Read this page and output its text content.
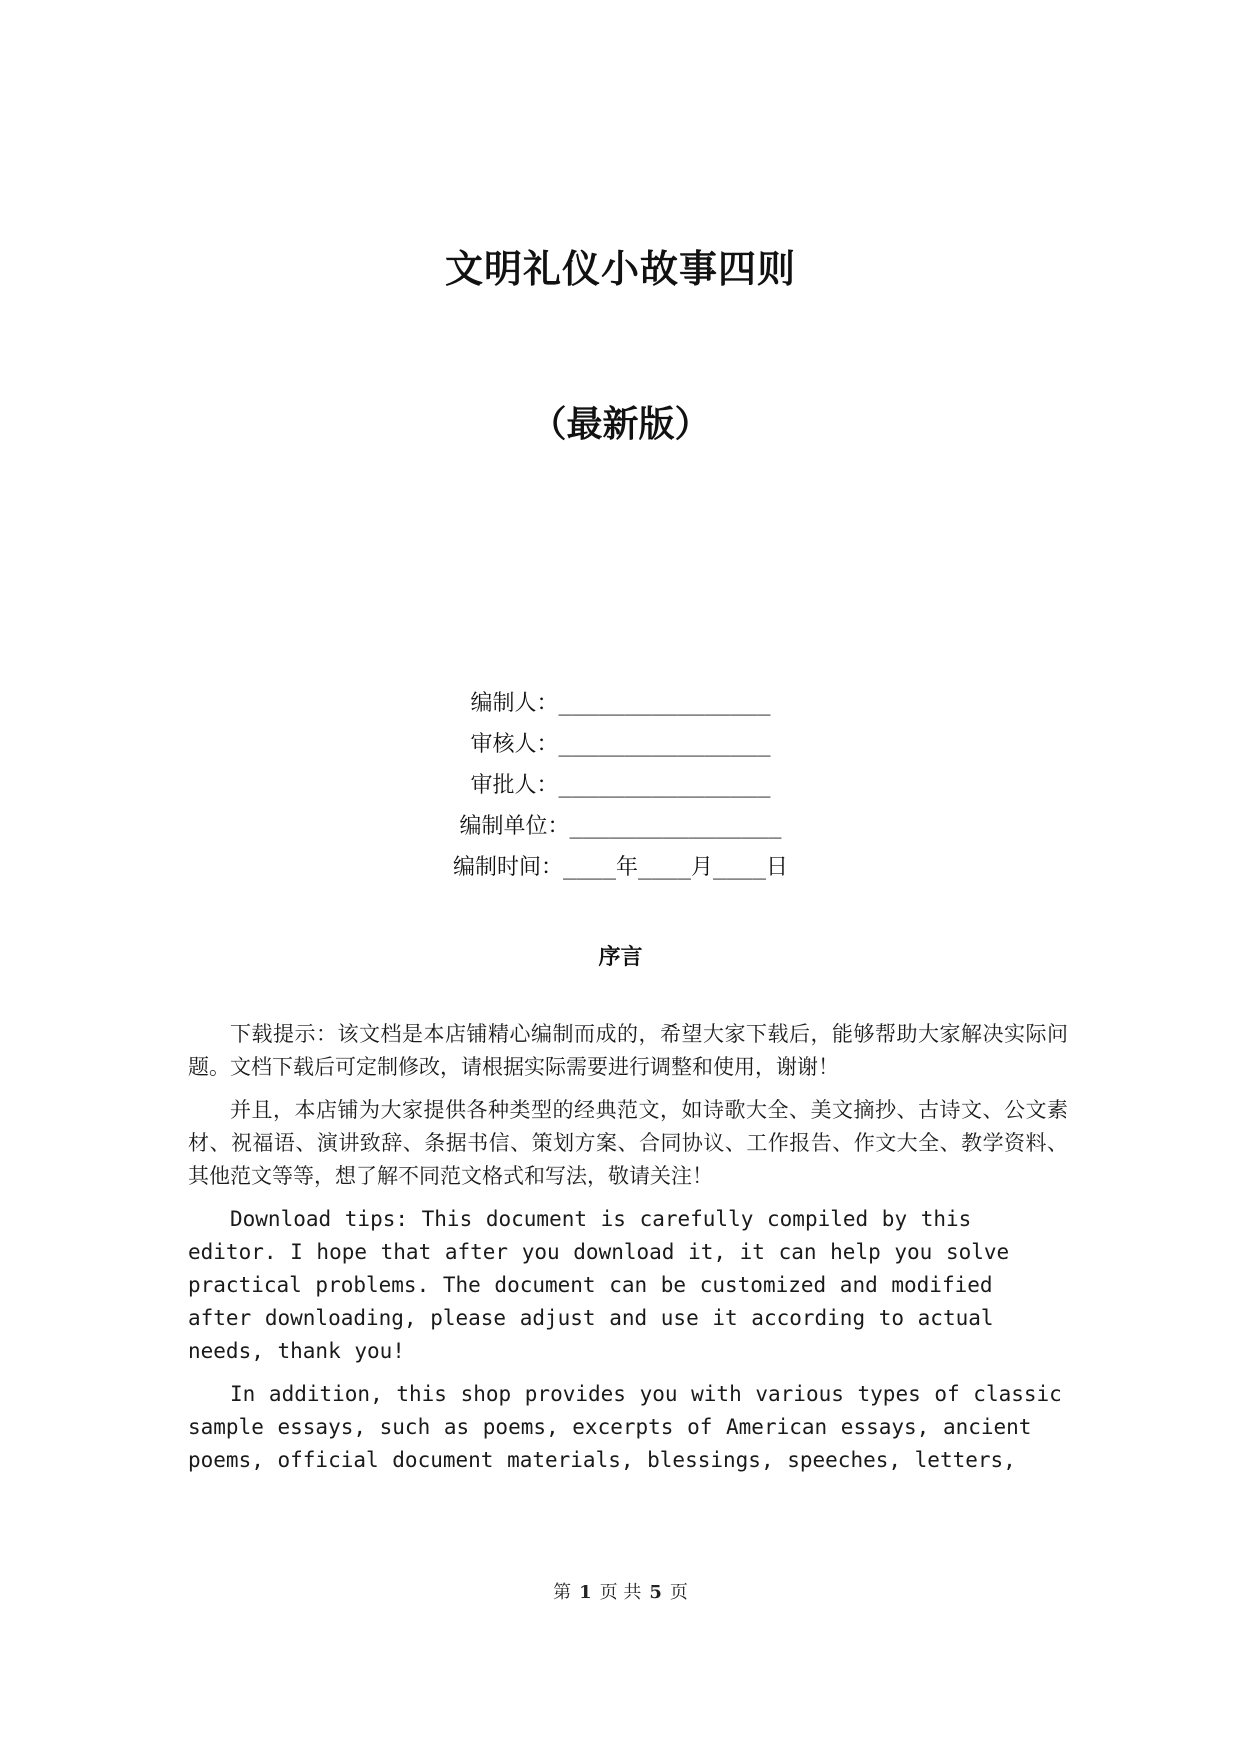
文明礼仪小故事四则
（最新版）
编制人：________________
审核人：________________
审批人：________________
编制单位：________________
编制时间：____年____月____日
序言

下载提示：该文档是本店铺精心编制而成的，希望大家下载后，能够帮助大家解决实际问题。文档下载后可定制修改，请根据实际需要进行调整和使用，谢谢！

并且，本店铺为大家提供各种类型的经典范文，如诗歌大全、美文摘抄、古诗文、公文素材、祝福语、演讲致辞、条据书信、策划方案、合同协议、工作报告、作文大全、教学资料、其他范文等等，想了解不同范文格式和写法，敬请关注！

Download tips: This document is carefully compiled by this editor. I hope that after you download it, it can help you solve practical problems. The document can be customized and modified after downloading, please adjust and use it according to actual needs, thank you!

In addition, this shop provides you with various types of classic sample essays, such as poems, excerpts of American essays, ancient poems, official document materials, blessings, speeches, letters,

第 1 页 共 5 页
